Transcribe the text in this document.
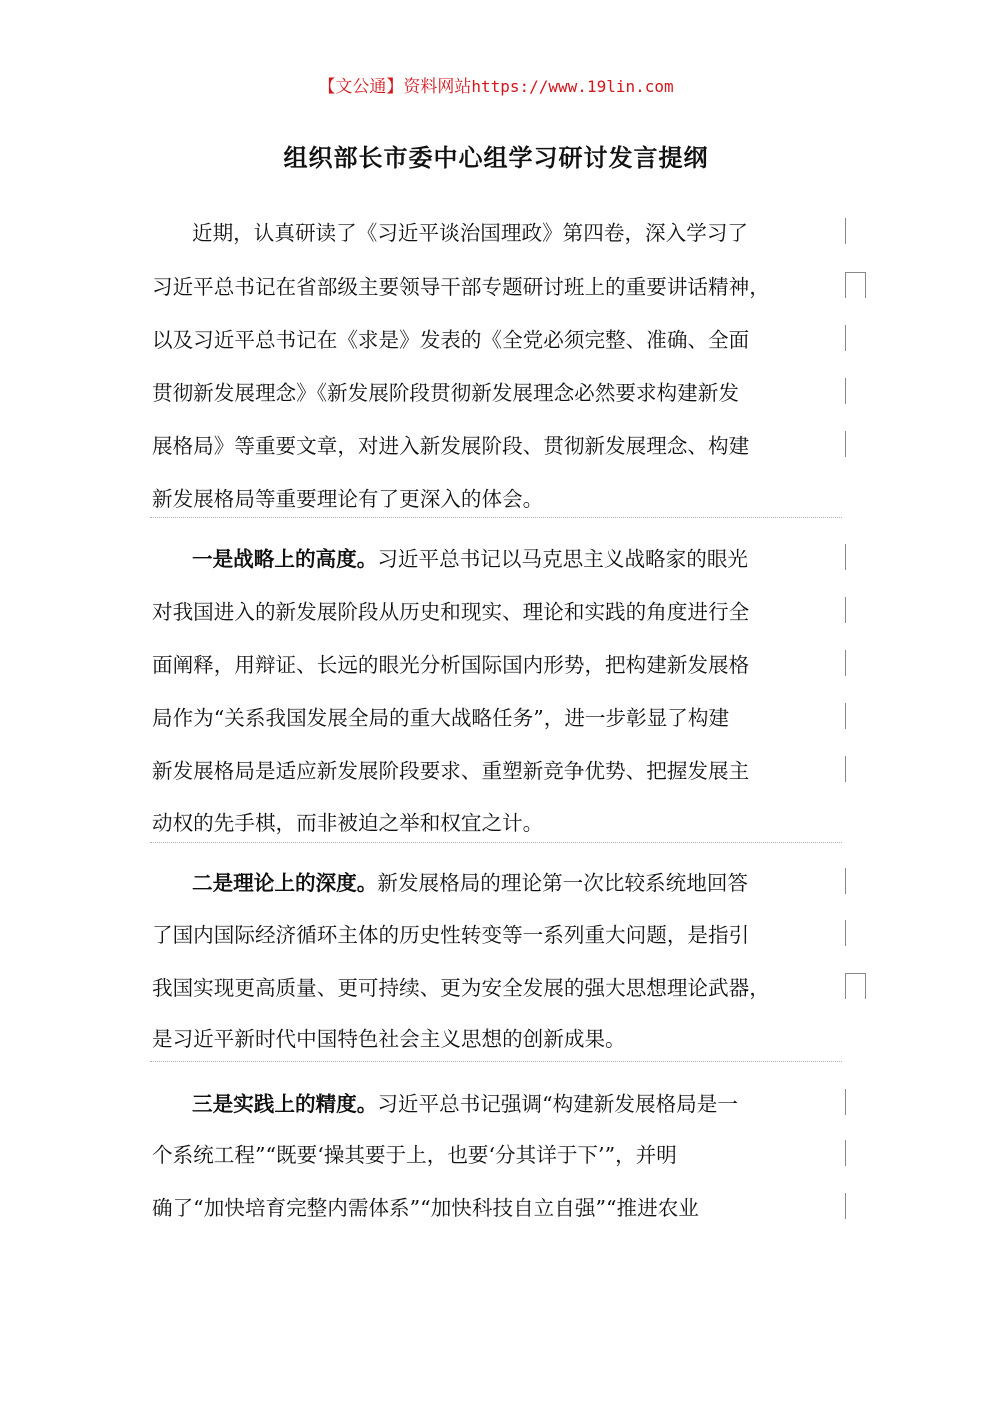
【文公通】资料网站https://www.19lin.com
组织部长市委中心组学习研讨发言提纲
近期，认真研读了《习近平谈治国理政》第四卷，深入学习了
习近平总书记在省部级主要领导干部专题研讨班上的重要讲话精神，
以及习近平总书记在《求是》发表的《全党必须完整、准确、全面
贯彻新发展理念》《新发展阶段贯彻新发展理念必然要求构建新发
展格局》等重要文章，对进入新发展阶段、贯彻新发展理念、构建
新发展格局等重要理论有了更深入的体会。
一是战略上的高度。习近平总书记以马克思主义战略家的眼光
对我国进入的新发展阶段从历史和现实、理论和实践的角度进行全
面阐释，用辩证、长远的眼光分析国际国内形势，把构建新发展格
局作为“关系我国发展全局的重大战略任务”，进一步彰显了构建
新发展格局是适应新发展阶段要求、重塑新竞争优势、把握发展主
动权的先手棋，而非被迫之举和权宜之计。
二是理论上的深度。新发展格局的理论第一次比较系统地回答
了国内国际经济循环主体的历史性转变等一系列重大问题，是指引
我国实现更高质量、更可持续、更为安全发展的强大思想理论武器，
是习近平新时代中国特色社会主义思想的创新成果。
三是实践上的精度。习近平总书记强调“构建新发展格局是一
个系统工程”“既要‘操其要于上，也要‘分其详于下’”，并明
确了“加快培育完整内需体系”“加快科技自立自强”“推进农业
